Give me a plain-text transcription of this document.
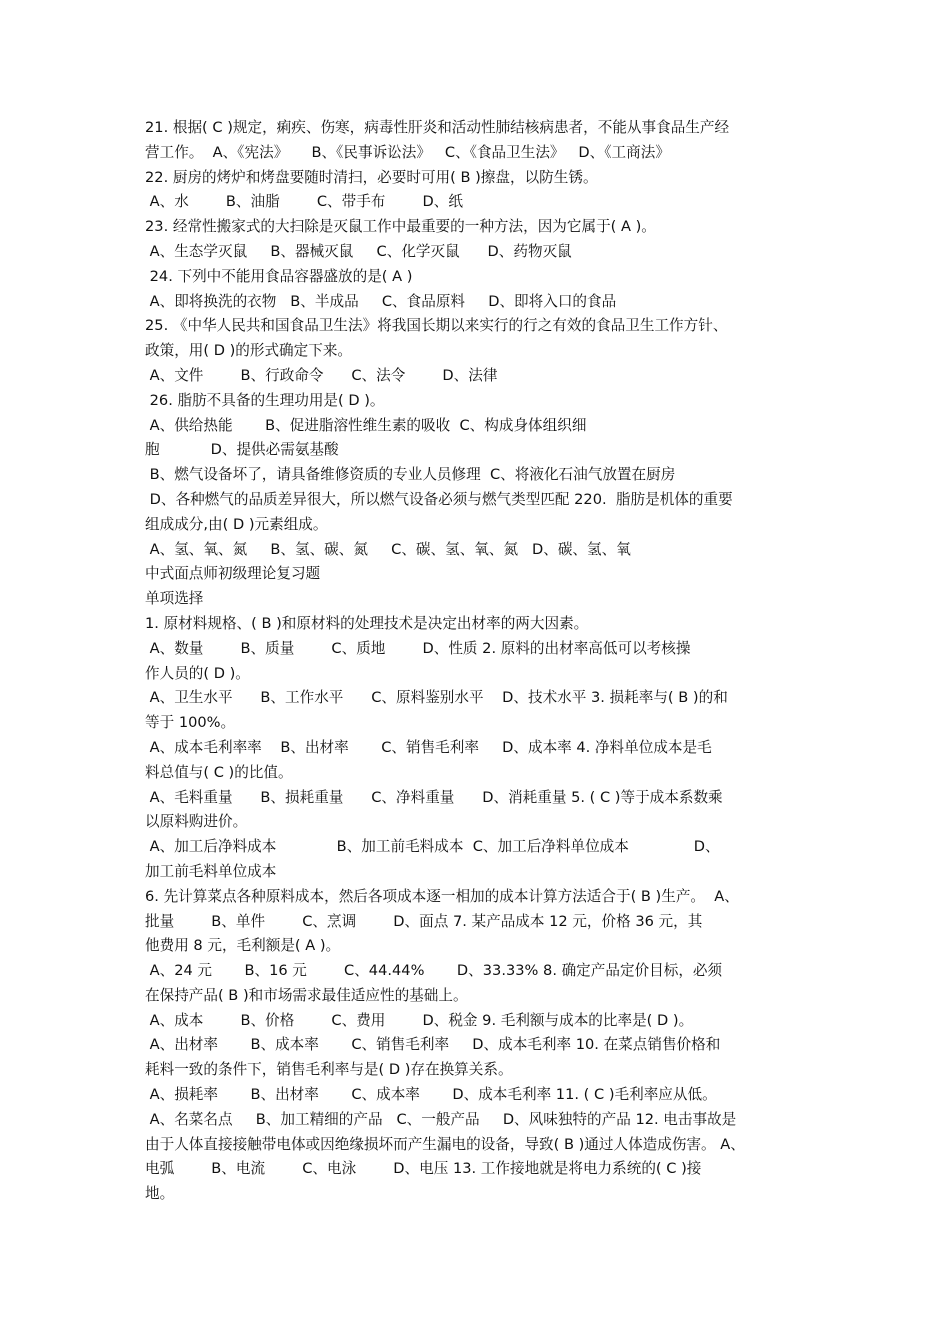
21. 根据( C )规定，痢疾、伤寒，病毒性肝炎和活动性肺结核病患者，不能从事食品生产经
营工作。  A、《宪法》     B、《民事诉讼法》   C、《食品卫生法》   D、《工商法》
22. 厨房的烤炉和烤盘要随时清扫，必要时可用( B )擦盘，以防生锈。
A、水        B、油脂        C、带手布        D、纸
23. 经常性搬家式的大扫除是灭鼠工作中最重要的一种方法，因为它属于( A )。
A、生态学灭鼠     B、器械灭鼠     C、化学灭鼠      D、药物灭鼠
24. 下列中不能用食品容器盛放的是( A )
A、即将换洗的衣物   B、半成品     C、食品原料     D、即将入口的食品
25. 《中华人民共和国食品卫生法》将我国长期以来实行的行之有效的食品卫生工作方针、
政策，用( D )的形式确定下来。
A、文件        B、行政命令      C、法令        D、法律
26. 脂肪不具备的生理功用是( D )。
A、供给热能       B、促进脂溶性维生素的吸收  C、构成身体组织细
胞           D、提供必需氨基酸
B、燃气设备坏了，请具备维修资质的专业人员修理  C、将液化石油气放置在厨房
D、各种燃气的品质差异很大，所以燃气设备必须与燃气类型匹配 220.  脂肪是机体的重要
组成成分,由( D )元素组成。
A、氢、氧、氮     B、氢、碳、氮     C、碳、氢、氧、氮   D、碳、氢、氧
中式面点师初级理论复习题
单项选择
1. 原材料规格、( B )和原材料的处理技术是决定出材率的两大因素。
A、数量        B、质量        C、质地        D、性质 2. 原料的出材率高低可以考核操
作人员的( D )。
A、卫生水平      B、工作水平      C、原料鉴别水平    D、技术水平 3. 损耗率与( B )的和
等于 100%。
A、成本毛利率率    B、出材率       C、销售毛利率     D、成本率 4. 净料单位成本是毛
料总值与( C )的比值。
A、毛料重量      B、损耗重量      C、净料重量      D、消耗重量 5. ( C )等于成本系数乘
以原料购进价。
A、加工后净料成本             B、加工前毛料成本  C、加工后净料单位成本              D、
加工前毛料单位成本
6. 先计算菜点各种原料成本，然后各项成本逐一相加的成本计算方法适合于( B )生产。  A、
批量        B、单件        C、烹调        D、面点 7. 某产品成本 12 元，价格 36 元，其
他费用 8 元，毛利额是( A )。
A、24 元       B、16 元        C、44.44%       D、33.33% 8. 确定产品定价目标，必须
在保持产品( B )和市场需求最佳适应性的基础上。
A、成本        B、价格        C、费用        D、税金 9. 毛利额与成本的比率是( D )。
A、出材率       B、成本率       C、销售毛利率     D、成本毛利率 10. 在菜点销售价格和
耗料一致的条件下，销售毛利率与是( D )存在换算关系。
A、损耗率       B、出材率       C、成本率       D、成本毛利率 11. ( C )毛利率应从低。
A、名菜名点     B、加工精细的产品   C、一般产品     D、风味独特的产品 12. 电击事故是
由于人体直接接触带电体或因绝缘损坏而产生漏电的设备，导致( B )通过人体造成伤害。 A、
电弧        B、电流        C、电泳        D、电压 13. 工作接地就是将电力系统的( C )接
地。
